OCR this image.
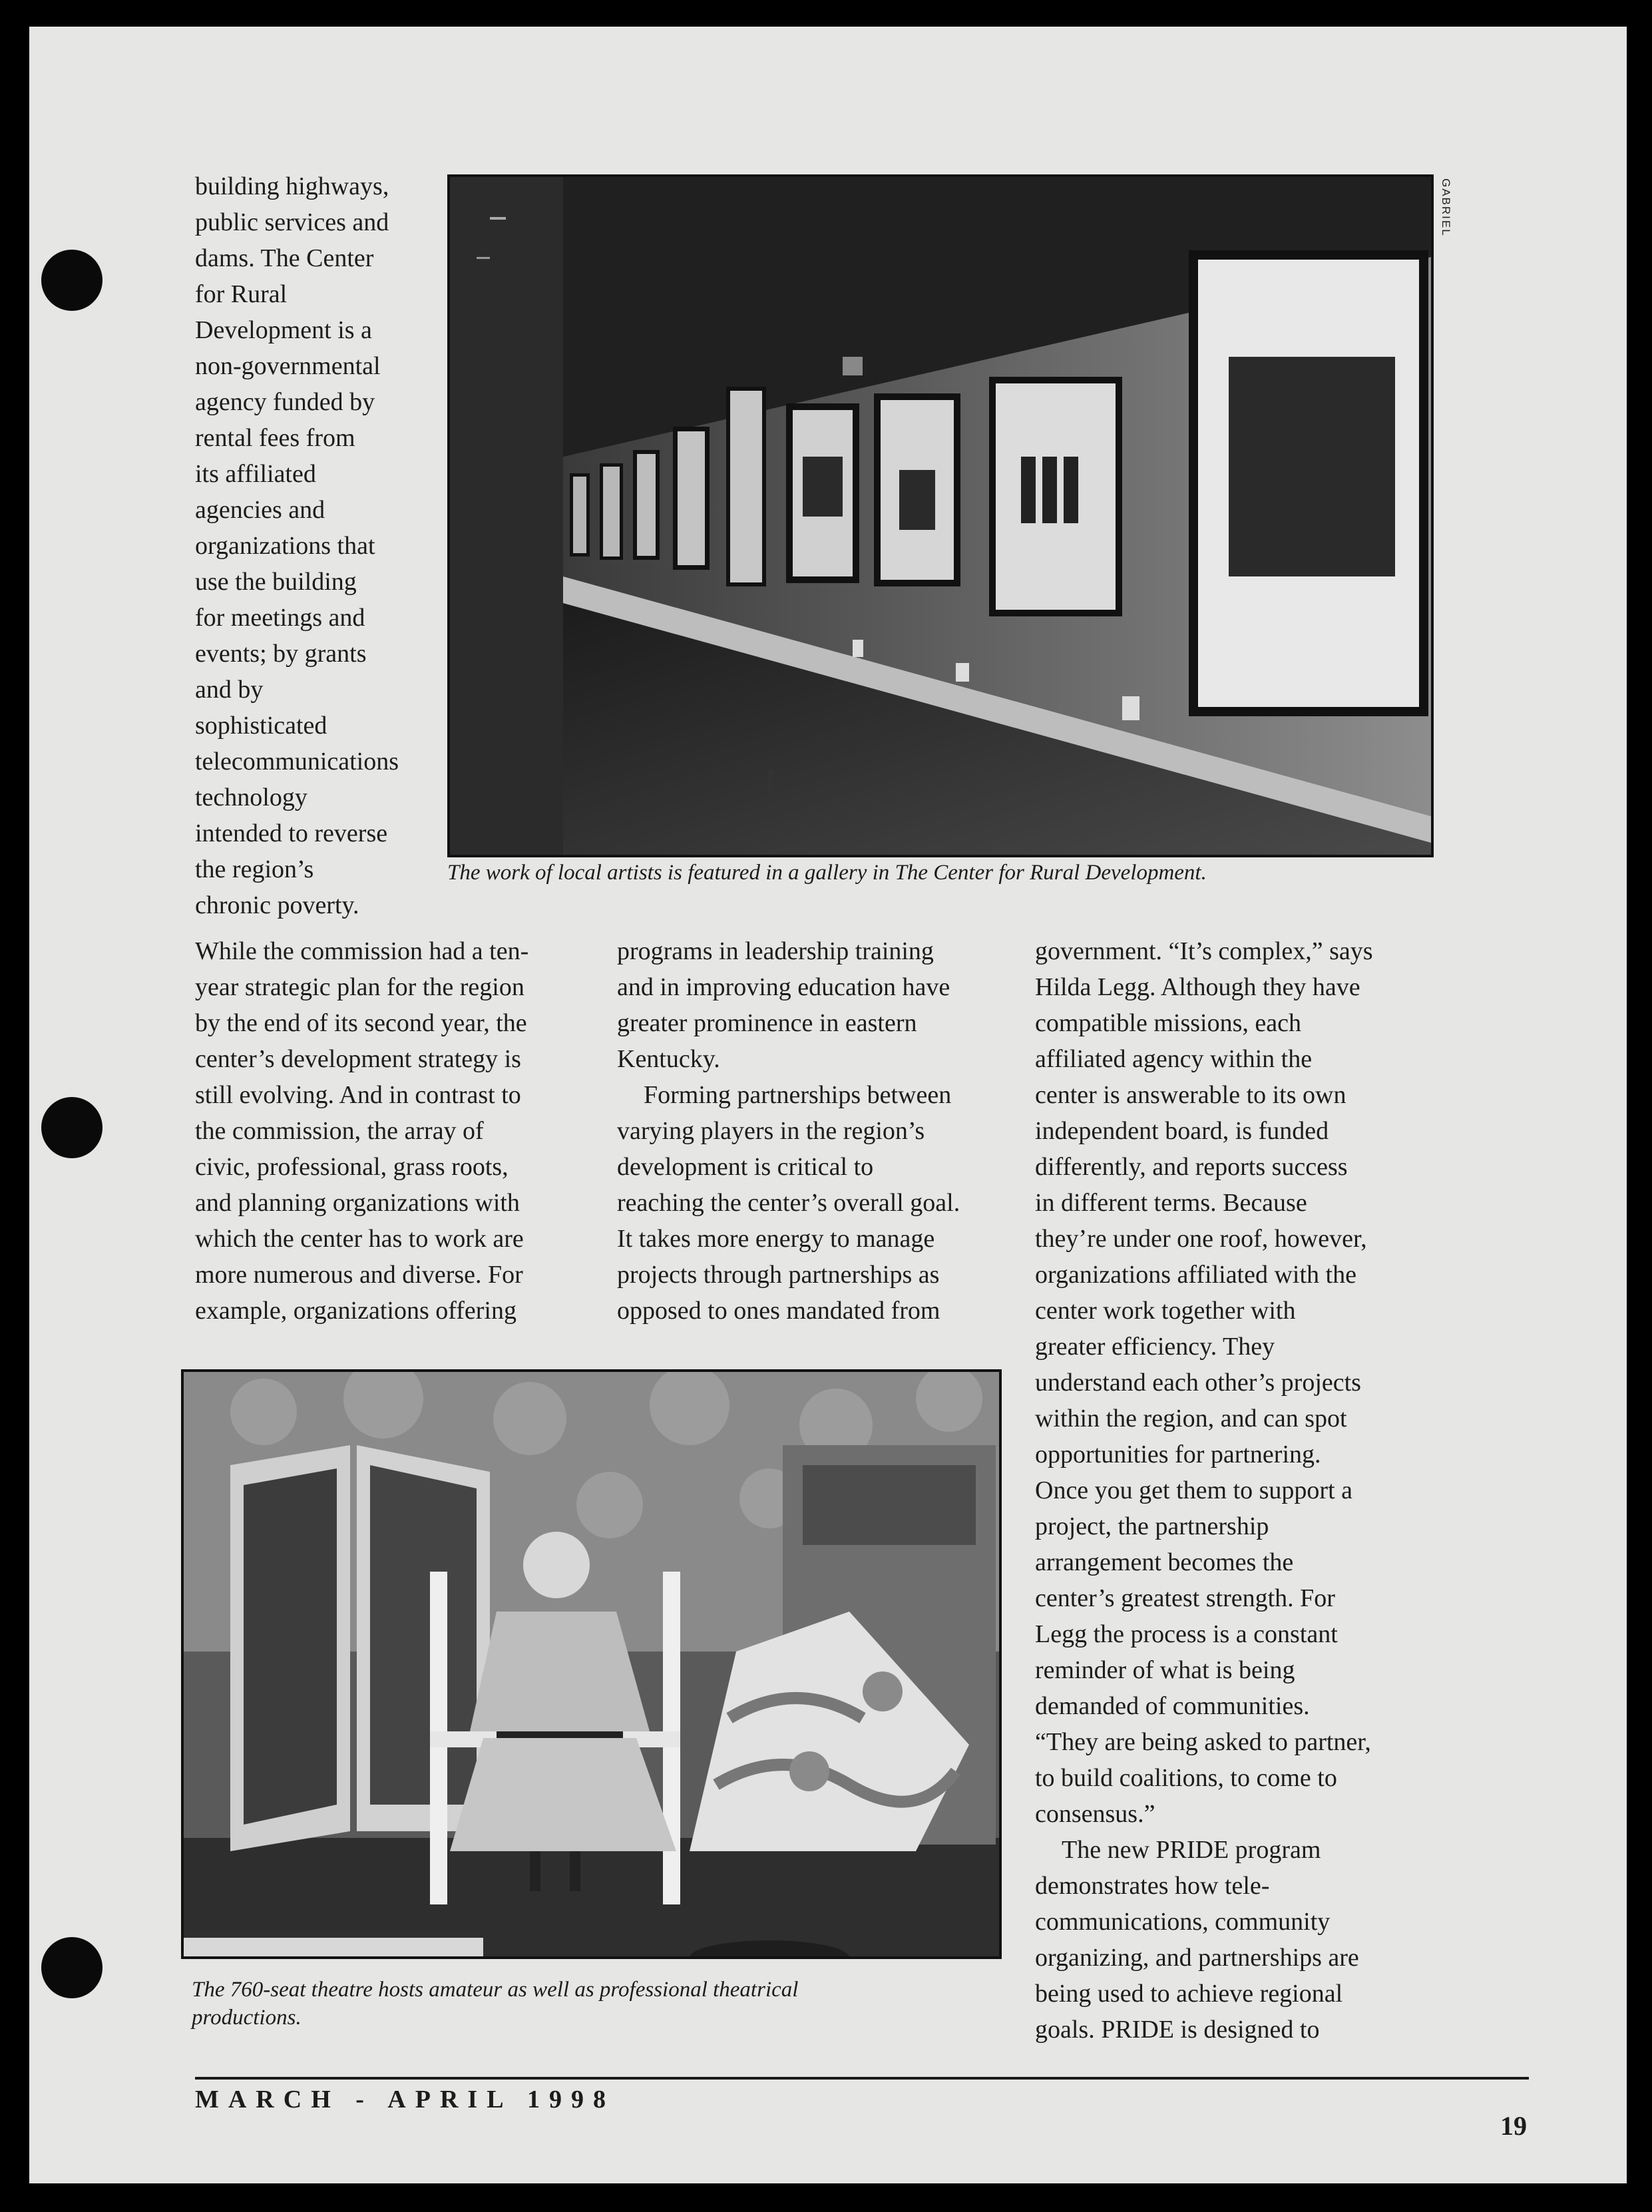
building highways,

public services and

dams. The Center

for Rural

Development is a

non-governmental

agency funded by

rental fees from

its affiliated

agencies and

organizations that

use the building

for meetings and

events; by grants

and by

sophisticated

telecommunications

technology

intended to reverse

the region’s

chronic poverty.

GABRIEL

The work of local artists is featured in a gallery in The Center for Rural Development.

While the commission had a ten-

year strategic plan for the region

by the end of its second year, the

center’s development strategy is

still evolving. And in contrast to

the commission, the array of

civic, professional, grass roots,

and planning organizations with

which the center has to work are

more numerous and diverse. For

example, organizations offering

programs in leadership training

and in improving education have

greater prominence in eastern

Kentucky.

Forming partnerships between

varying players in the region’s

development is critical to

reaching the center’s overall goal.

It takes more energy to manage

projects through partnerships as

opposed to ones mandated from

The 760-seat theatre hosts amateur as well as professional theatrical

productions.

government. “It’s complex,” says

Hilda Legg. Although they have

compatible missions, each

affiliated agency within the

center is answerable to its own

independent board, is funded

differently, and reports success

in different terms. Because

they’re under one roof, however,

organizations affiliated with the

center work together with

greater efficiency. They

understand each other’s projects

within the region, and can spot

opportunities for partnering.

Once you get them to support a

project, the partnership

arrangement becomes the

center’s greatest strength. For

Legg the process is a constant

reminder of what is being

demanded of communities.

“They are being asked to partner,

to build coalitions, to come to

consensus.”

The new PRIDE program

demonstrates how tele-

communications, community

organizing, and partnerships are

being used to achieve regional

goals. PRIDE is designed to

MARCH - APRIL 1998
19
